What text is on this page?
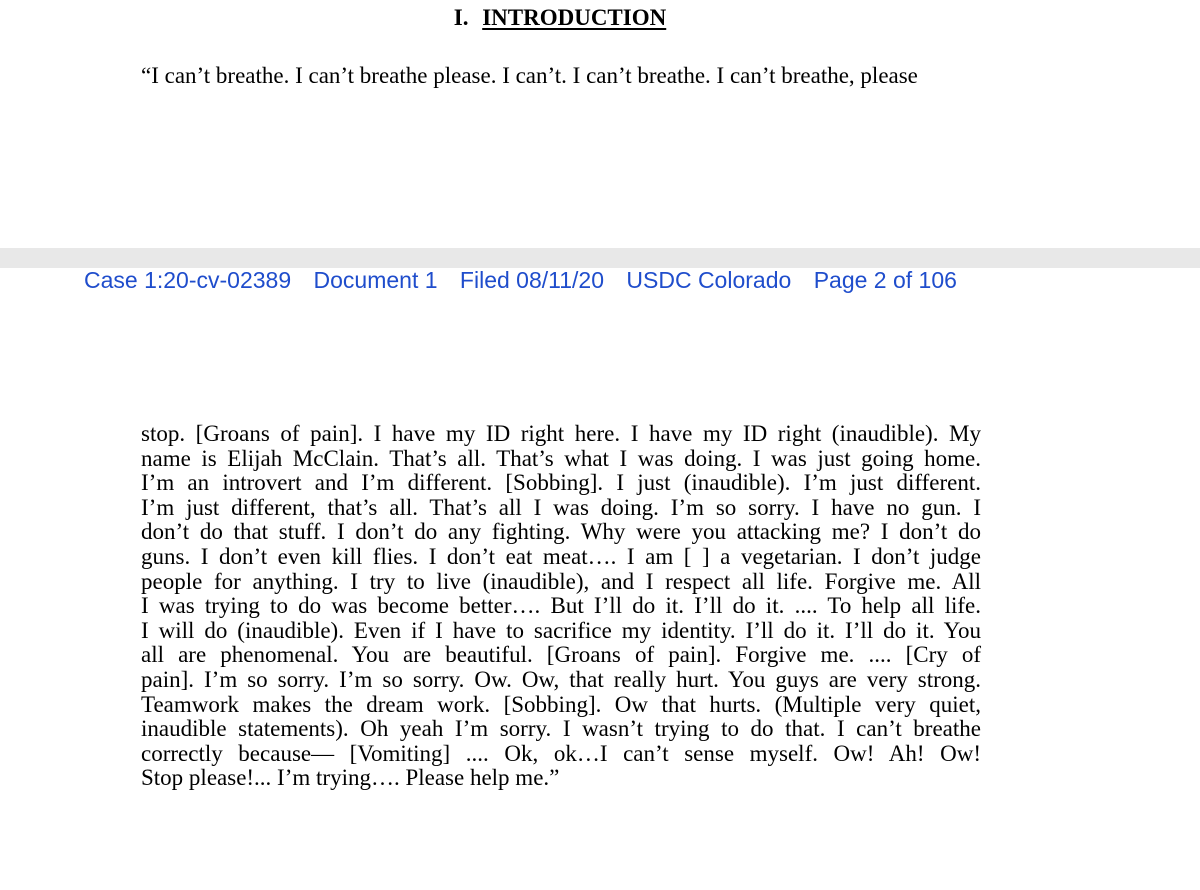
I. INTRODUCTION
“I can’t breathe. I can’t breathe please. I can’t. I can’t breathe. I can’t breathe, please
Case 1:20-cv-02389 Document 1 Filed 08/11/20 USDC Colorado Page 2 of 106
stop. [Groans of pain]. I have my ID right here. I have my ID right (inaudible). My
name is Elijah McClain. That’s all. That’s what I was doing. I was just going home.
I’m an introvert and I’m different. [Sobbing]. I just (inaudible). I’m just different.
I’m just different, that’s all. That’s all I was doing. I’m so sorry. I have no gun. I
don’t do that stuff. I don’t do any fighting. Why were you attacking me? I don’t do
guns. I don’t even kill flies. I don’t eat meat…. I am [ ] a vegetarian. I don’t judge
people for anything. I try to live (inaudible), and I respect all life. Forgive me. All
I was trying to do was become better…. But I’ll do it. I’ll do it. .... To help all life.
I will do (inaudible). Even if I have to sacrifice my identity. I’ll do it. I’ll do it. You
all are phenomenal. You are beautiful. [Groans of pain]. Forgive me. .... [Cry of
pain]. I’m so sorry. I’m so sorry. Ow. Ow, that really hurt. You guys are very strong.
Teamwork makes the dream work. [Sobbing]. Ow that hurts. (Multiple very quiet,
inaudible statements). Oh yeah I’m sorry. I wasn’t trying to do that. I can’t breathe
correctly because— [Vomiting] .... Ok, ok…I can’t sense myself. Ow! Ah! Ow!
Stop please!... I’m trying…. Please help me.”
